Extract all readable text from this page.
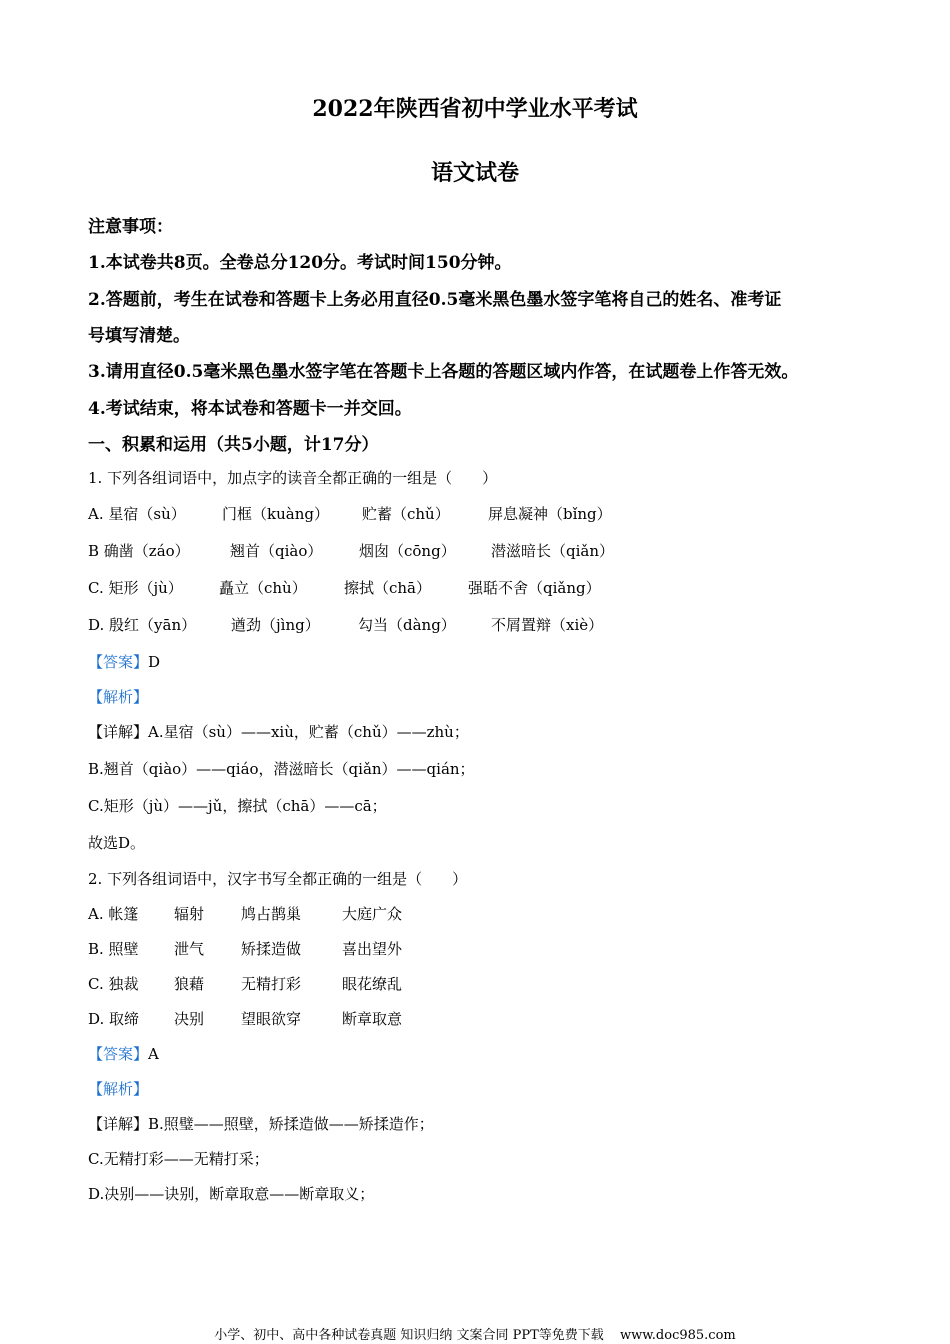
2022年陕西省初中学业水平考试
语文试卷
注意事项：
1.本试卷共8页。全卷总分120分。考试时间150分钟。
2.答题前，考生在试卷和答题卡上务必用直径0.5毫米黑色墨水签字笔将自己的姓名、准考证
号填写清楚。
3.请用直径0.5毫米黑色墨水签字笔在答题卡上各题的答题区域内作答，在试题卷上作答无效。
4.考试结束，将本试卷和答题卡一并交回。
一、积累和运用（共5小题，计17分）
1. 下列各组词语中，加点字的读音全都正确的一组是（　　）
A. 星宿（sù） 门框（kuàng） 贮蓄（chǔ）	屏息凝神（bǐng）
B 确凿（záo）	翘首（qiào） 烟囱（cōng） 潜滋暗长（qiǎn）
C. 矩形（jù） 矗立（chù） 擦拭（chā） 强聒不舍（qiǎng）
D. 殷红（yān） 遒劲（jìng）	勾当（dàng） 不屑置辩（xiè）
【答案】D
【解析】
【详解】A.星宿（sù）——xiù，贮蓄（chǔ）——zhù；
B.翘首（qiào）——qiáo，潜滋暗长（qiǎn）——qián；
C.矩形（jù）——jǔ，擦拭（chā）——cā；
故选D。
2. 下列各组词语中，汉字书写全都正确的一组是（　　）
A. 帐篷 辐射 鸠占鹊巢	大庭广众
B. 照壁 泄气 矫揉造做	喜出望外
C. 独裁 狼藉 无精打彩	眼花缭乱
D. 取缔 决别 望眼欲穿	断章取意
【答案】A
【解析】
【详解】B.照璧——照壁，矫揉造做——矫揉造作；
C.无精打彩——无精打采；
D.决别——诀别，断章取意——断章取义；
小学、初中、高中各种试卷真题 知识归纳 文案合同 PPT等免费下载 www.doc985.com
